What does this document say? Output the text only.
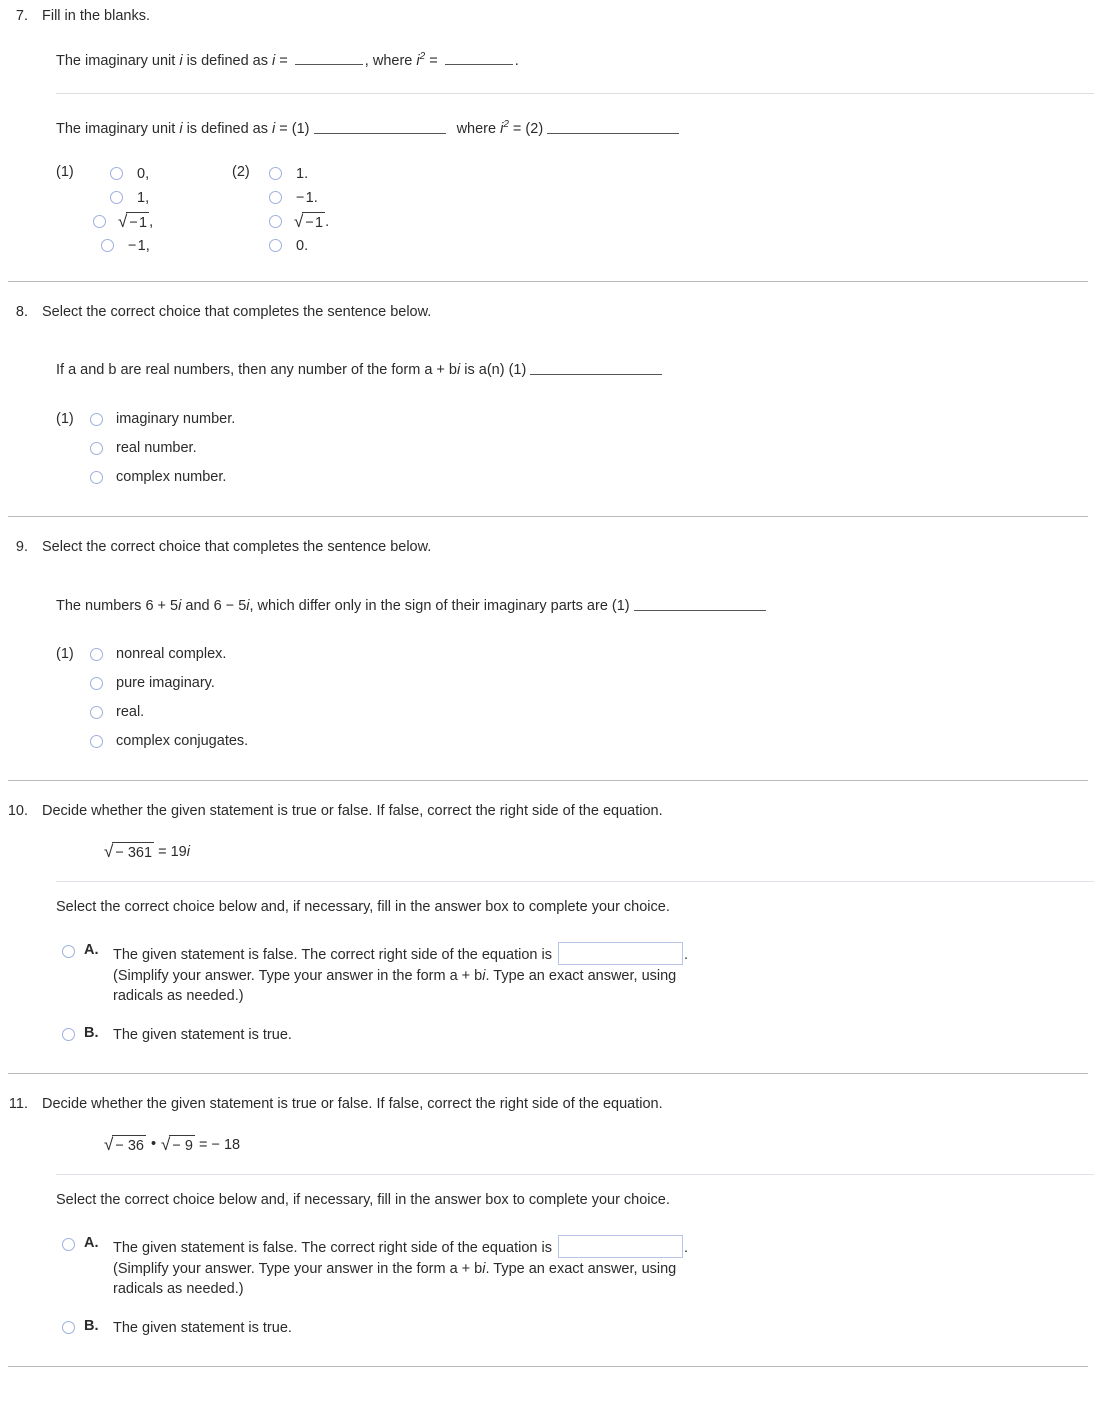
7. Fill in the blanks.
The imaginary unit i is defined as i =	, where $i^2$ =	.
The imaginary unit i is defined as i = (1)	where $i^2 = (2)$
(1)	0,
1,
√ − 1 ,
− 1,
(2)	1.
− 1.
√ − 1 .
0.
8. Select the correct choice that completes the sentence below.
If a and b are real numbers, then any number of the form a + bi is a(n) (1)
(1)	imaginary number.
real number.
complex number.
9. Select the correct choice that completes the sentence below.
The numbers 6 + 5i and 6 − 5i, which differ only in the sign of their imaginary parts are (1)
(1)	nonreal complex.
pure imaginary.
real.
complex conjugates.
10. Decide whether the given statement is true or false. If false, correct the right side of the equation.
√ − 361 = 19i
Select the correct choice below and, if necessary, fill in the answer box to complete your choice.
A. The given statement is false. The correct right side of the equation is	.
(Simplify your answer. Type your answer in the form a + bi. Type an exact answer, using
radicals as needed.)
B. The given statement is true.
11. Decide whether the given statement is true or false. If false, correct the right side of the equation.
√ − 36 • √ − 9 = − 18
Select the correct choice below and, if necessary, fill in the answer box to complete your choice.
A. The given statement is false. The correct right side of the equation is	.
(Simplify your answer. Type your answer in the form a + bi. Type an exact answer, using
radicals as needed.)
B. The given statement is true.
